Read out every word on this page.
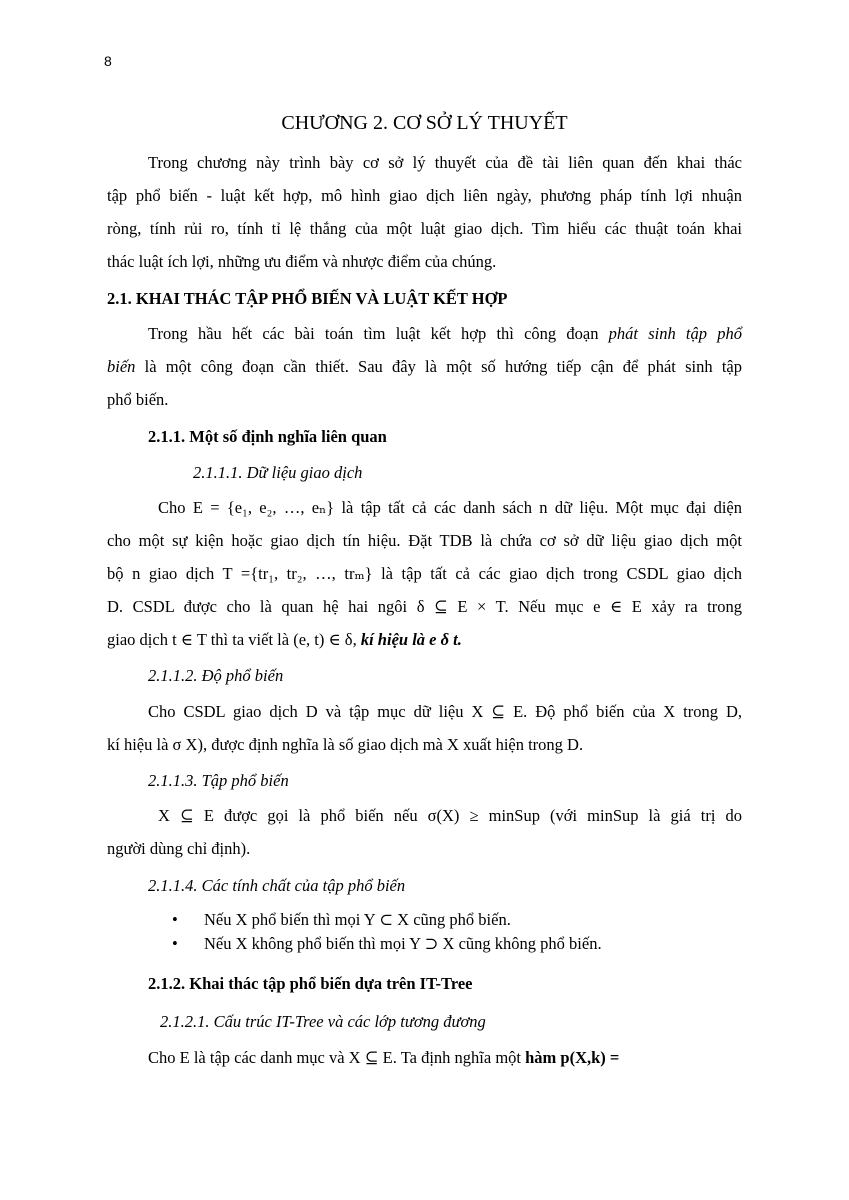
8
CHƯƠNG 2. CƠ SỞ LÝ THUYẾT
Trong chương này trình bày cơ sở lý thuyết của đề tài liên quan đến khai thác
tập phổ biến - luật kết hợp, mô hình giao dịch liên ngày, phương pháp tính lợi nhuận
ròng, tính rủi ro, tính tỉ lệ thắng của một luật giao dịch. Tìm hiểu các thuật toán khai
thác luật ích lợi, những ưu điểm và nhược điểm của chúng.
2.1. KHAI THÁC TẬP PHỔ BIẾN VÀ LUẬT KẾT HỢP
Trong hầu hết các bài toán tìm luật kết hợp thì công đoạn phát sinh tập phổ
biến là một công đoạn cần thiết. Sau đây là một số hướng tiếp cận để phát sinh tập
phổ biến.
2.1.1. Một số định nghĩa liên quan
2.1.1.1. Dữ liệu giao dịch
Cho E = {e₁, e₂, …, eₙ} là tập tất cả các danh sách n dữ liệu. Một mục đại diện
cho một sự kiện hoặc giao dịch tín hiệu. Đặt TDB là chứa cơ sở dữ liệu giao dịch một
bộ n giao dịch T ={tr₁, tr₂, …, trₘ} là tập tất cả các giao dịch trong CSDL giao dịch
D. CSDL được cho là quan hệ hai ngôi δ ⊆ E × T. Nếu mục e ∈ E xảy ra trong
giao dịch t ∈ T thì ta viết là (e, t) ∈ δ, kí hiệu là e δ t.
2.1.1.2. Độ phổ biến
Cho CSDL giao dịch D và tập mục dữ liệu X ⊆ E. Độ phổ biến của X trong D,
kí hiệu là σ X), được định nghĩa là số giao dịch mà X xuất hiện trong D.
2.1.1.3. Tập phổ biến
X ⊆ E được gọi là phổ biến nếu σ(X) ≥ minSup (với minSup là giá trị do
người dùng chỉ định).
2.1.1.4. Các tính chất của tập phổ biến
• Nếu X phổ biến thì mọi Y ⊂ X cũng phổ biến.
• Nếu X không phổ biến thì mọi Y ⊃ X cũng không phổ biến.
2.1.2. Khai thác tập phổ biến dựa trên IT-Tree
2.1.2.1. Cấu trúc IT-Tree và các lớp tương đương
Cho E là tập các danh mục và X ⊆ E. Ta định nghĩa một hàm p(X,k) =
